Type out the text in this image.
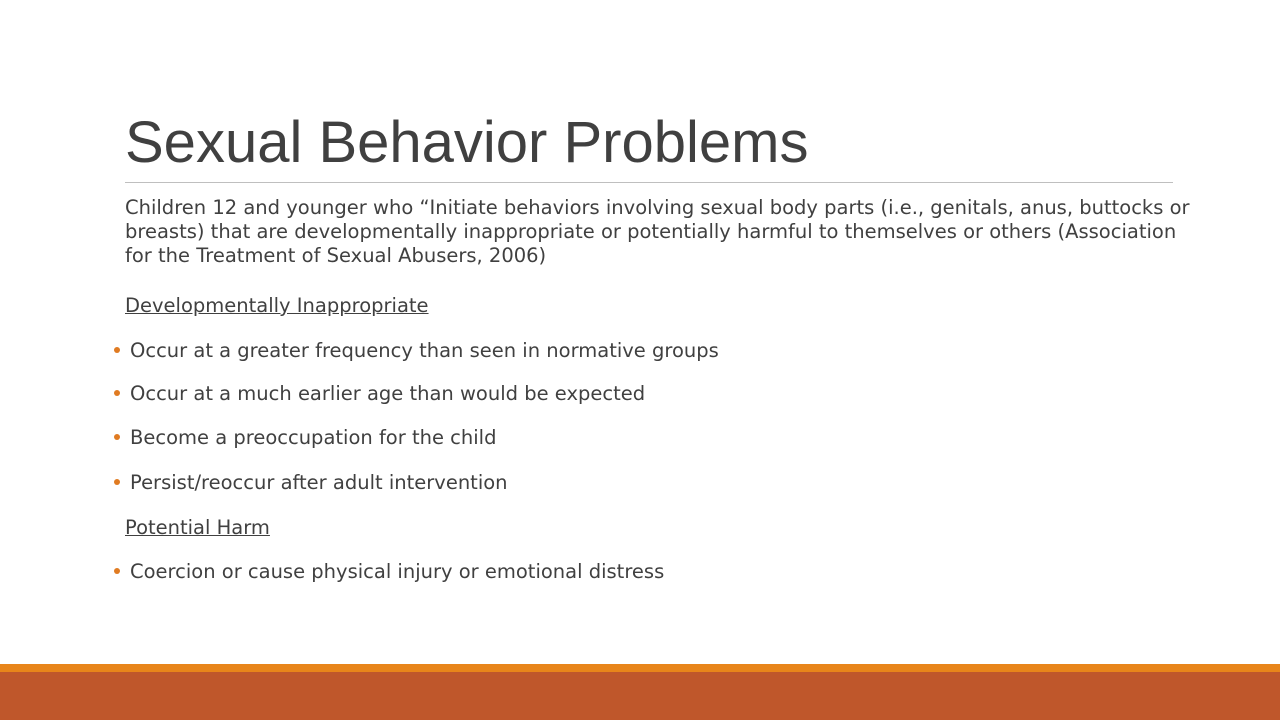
Sexual Behavior Problems
Children 12 and younger who “Initiate behaviors involving sexual body parts (i.e., genitals, anus, buttocks or breasts) that are developmentally inappropriate or potentially harmful to themselves or others (Association for the Treatment of Sexual Abusers, 2006)
Developmentally Inappropriate
Occur at a greater frequency than seen in normative groups
Occur at a much earlier age than would be expected
Become a preoccupation for the child
Persist/reoccur after adult intervention
Potential Harm
Coercion or cause physical injury or emotional distress
